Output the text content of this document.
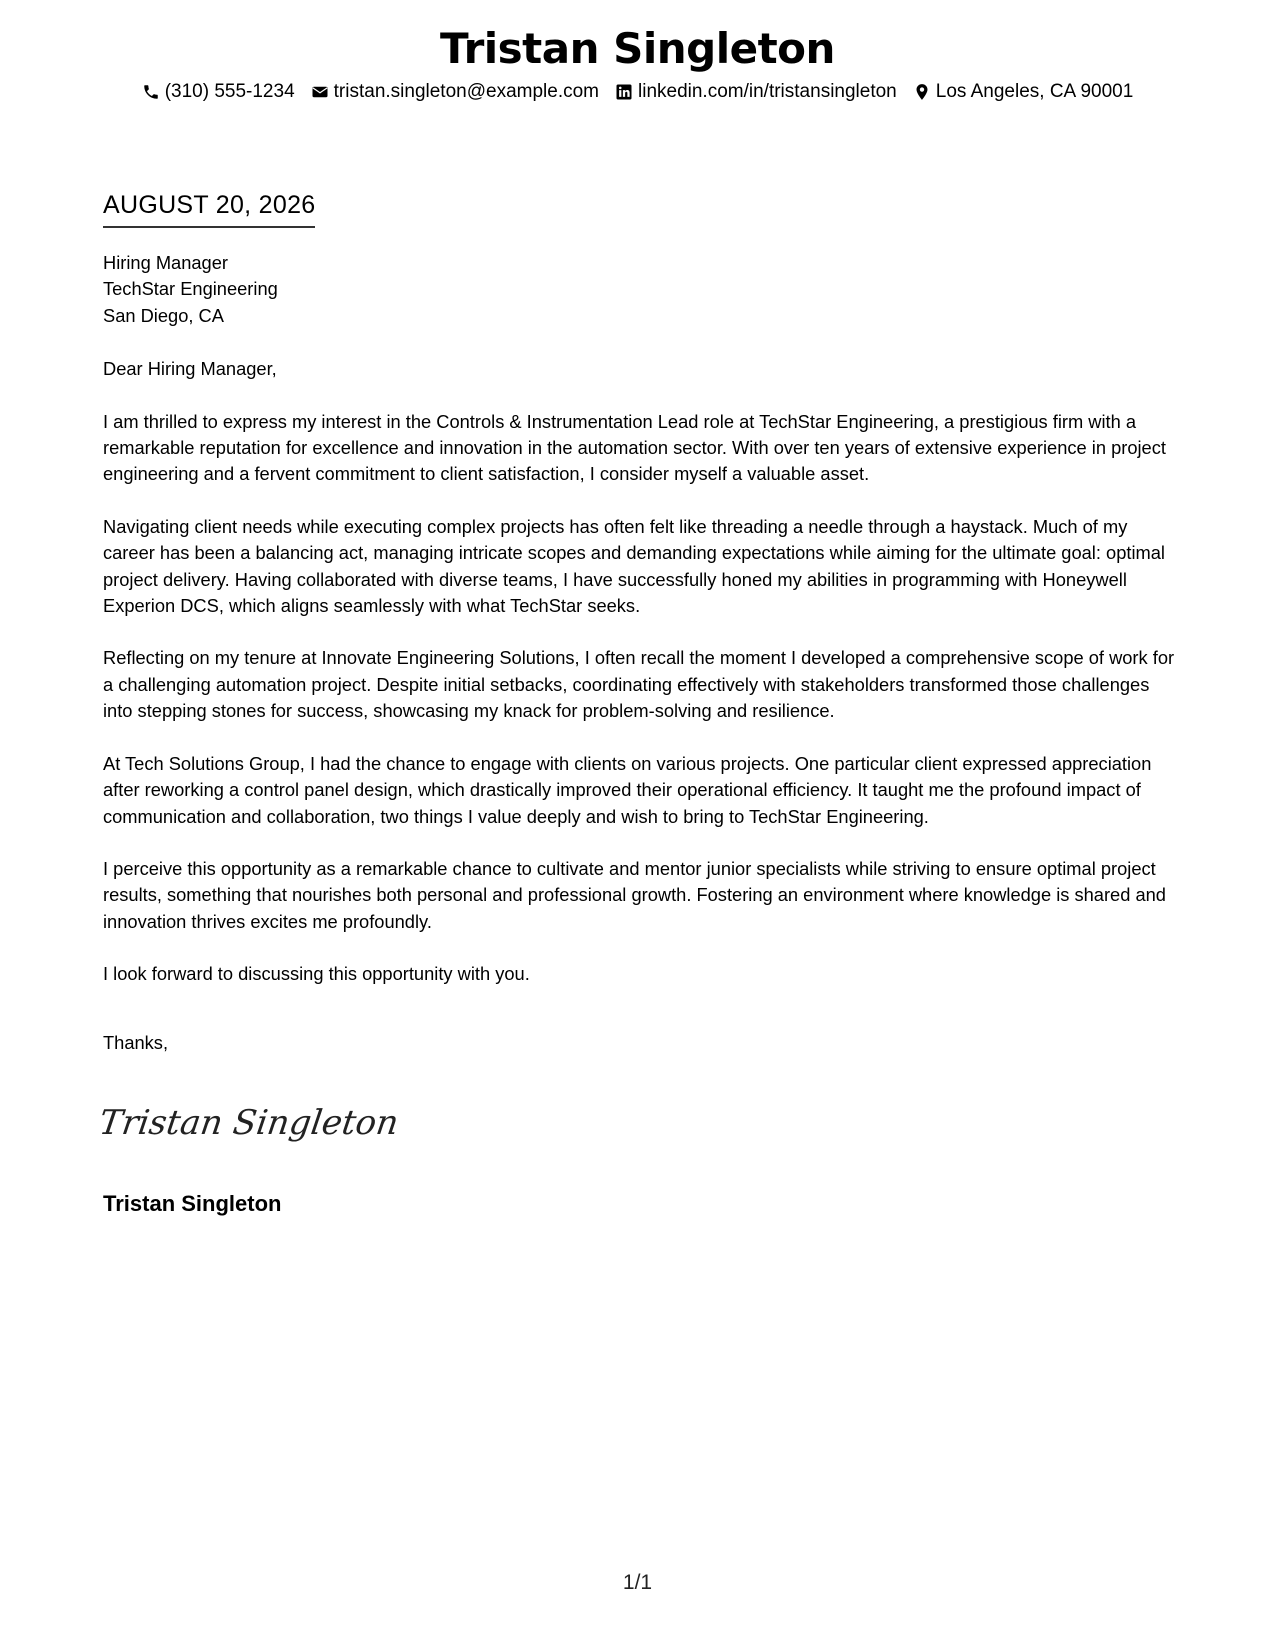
Tristan Singleton
(310) 555-1234 tristan.singleton@example.com linkedin.com/in/tristansingleton Los Angeles, CA 90001
AUGUST 20, 2026
Hiring Manager
TechStar Engineering
San Diego, CA
Dear Hiring Manager,

I am thrilled to express my interest in the Controls & Instrumentation Lead role at TechStar Engineering, a prestigious firm with a remarkable reputation for excellence and innovation in the automation sector. With over ten years of extensive experience in project engineering and a fervent commitment to client satisfaction, I consider myself a valuable asset.

Navigating client needs while executing complex projects has often felt like threading a needle through a haystack. Much of my career has been a balancing act, managing intricate scopes and demanding expectations while aiming for the ultimate goal: optimal project delivery. Having collaborated with diverse teams, I have successfully honed my abilities in programming with Honeywell Experion DCS, which aligns seamlessly with what TechStar seeks.

Reflecting on my tenure at Innovate Engineering Solutions, I often recall the moment I developed a comprehensive scope of work for a challenging automation project. Despite initial setbacks, coordinating effectively with stakeholders transformed those challenges into stepping stones for success, showcasing my knack for problem-solving and resilience.

At Tech Solutions Group, I had the chance to engage with clients on various projects. One particular client expressed appreciation after reworking a control panel design, which drastically improved their operational efficiency. It taught me the profound impact of communication and collaboration, two things I value deeply and wish to bring to TechStar Engineering.

I perceive this opportunity as a remarkable chance to cultivate and mentor junior specialists while striving to ensure optimal project results, something that nourishes both personal and professional growth. Fostering an environment where knowledge is shared and innovation thrives excites me profoundly.

I look forward to discussing this opportunity with you.
Thanks,
Tristan Singleton
Tristan Singleton
1/1
